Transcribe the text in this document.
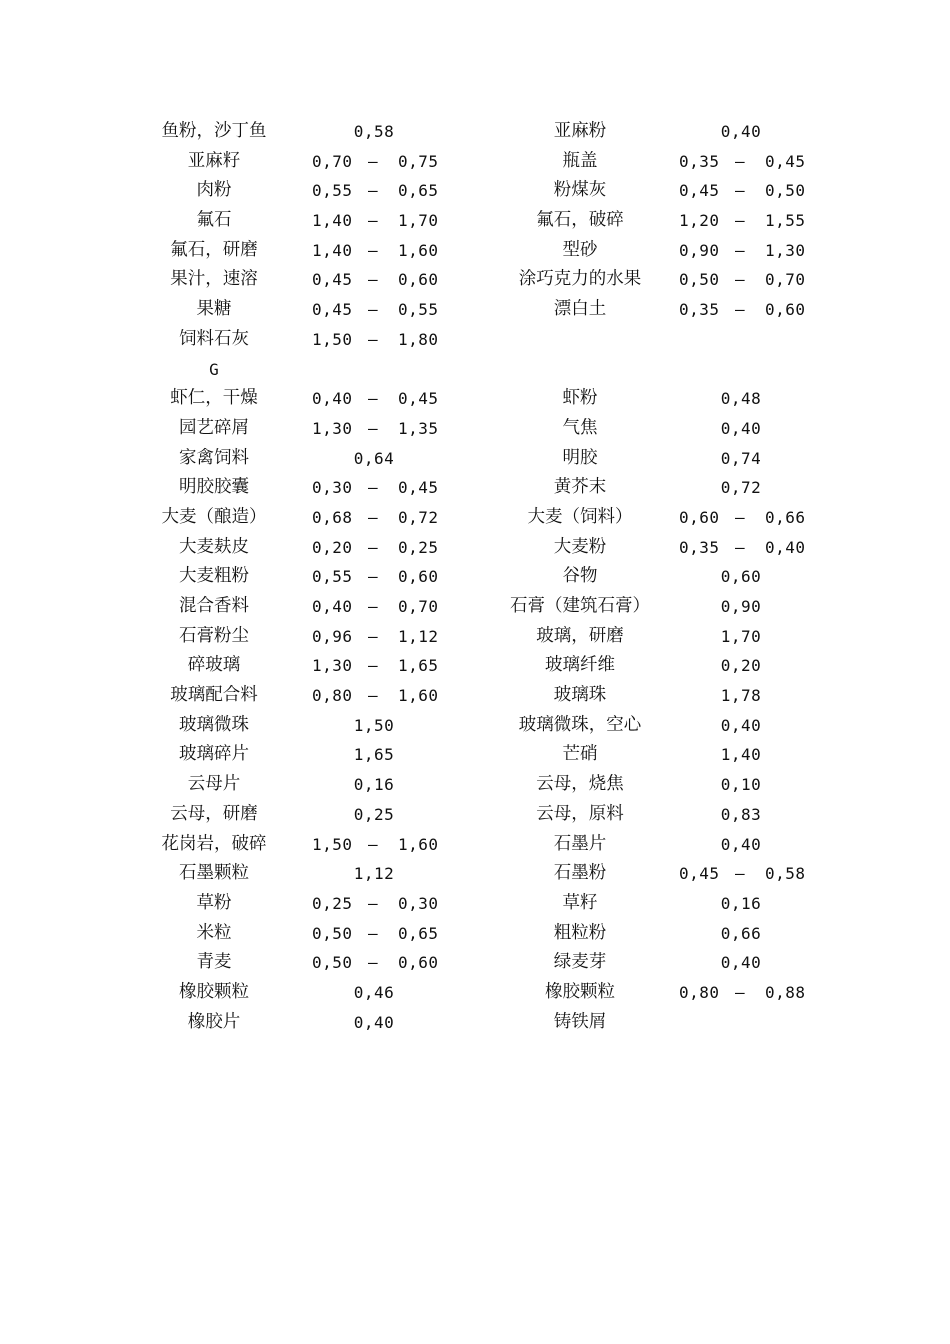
鱼粉，沙丁鱼	0,58	亚麻粉	0,40
亚麻籽	0,70 – 0,75	瓶盖	0,35 – 0,45
肉粉	0,55 – 0,65	粉煤灰	0,45 – 0,50
氟石	1,40 – 1,70	氟石，破碎	1,20 – 1,55
氟石，研磨	1,40 – 1,60	型砂	0,90 – 1,30
果汁，速溶	0,45 – 0,60	涂巧克力的水果 0,50 – 0,70
果糖	0,45 – 0,55	漂白土	0,35 – 0,60
饲料石灰	1,50 – 1,80
G
虾仁，干燥	0,40 – 0,45	虾粉	0,48
园艺碎屑	1,30 – 1,35	气焦	0,40
家禽饲料	0,64	明胶	0,74
明胶胶囊	0,30 – 0,45	黄芥末	0,72
大麦（酿造）	0,68 – 0,72	大麦（饲料）	0,60 – 0,66
大麦麸皮	0,20 – 0,25	大麦粉	0,35 – 0,40
大麦粗粉	0,55 – 0,60	谷物	0,60
混合香料	0,40 – 0,70	石膏（建筑石膏）	0,90
石膏粉尘	0,96 – 1,12	玻璃，研磨	1,70
碎玻璃	1,30 – 1,65	玻璃纤维	0,20
玻璃配合料	0,80 – 1,60	玻璃珠	1,78
玻璃微珠	1,50	玻璃微珠，空心	0,40
玻璃碎片	1,65	芒硝	1,40
云母片	0,16	云母，烧焦	0,10
云母，研磨	0,25	云母，原料	0,83
花岗岩，破碎	1,50 – 1,60	石墨片	0,40
石墨颗粒	1,12	石墨粉	0,45 – 0,58
草粉	0,25 – 0,30	草籽	0,16
米粒	0,50 – 0,65	粗粒粉	0,66
青麦	0,50 – 0,60	绿麦芽	0,40
橡胶颗粒	0,46	橡胶颗粒	0,80 – 0,88
橡胶片	0,40	铸铁屑
